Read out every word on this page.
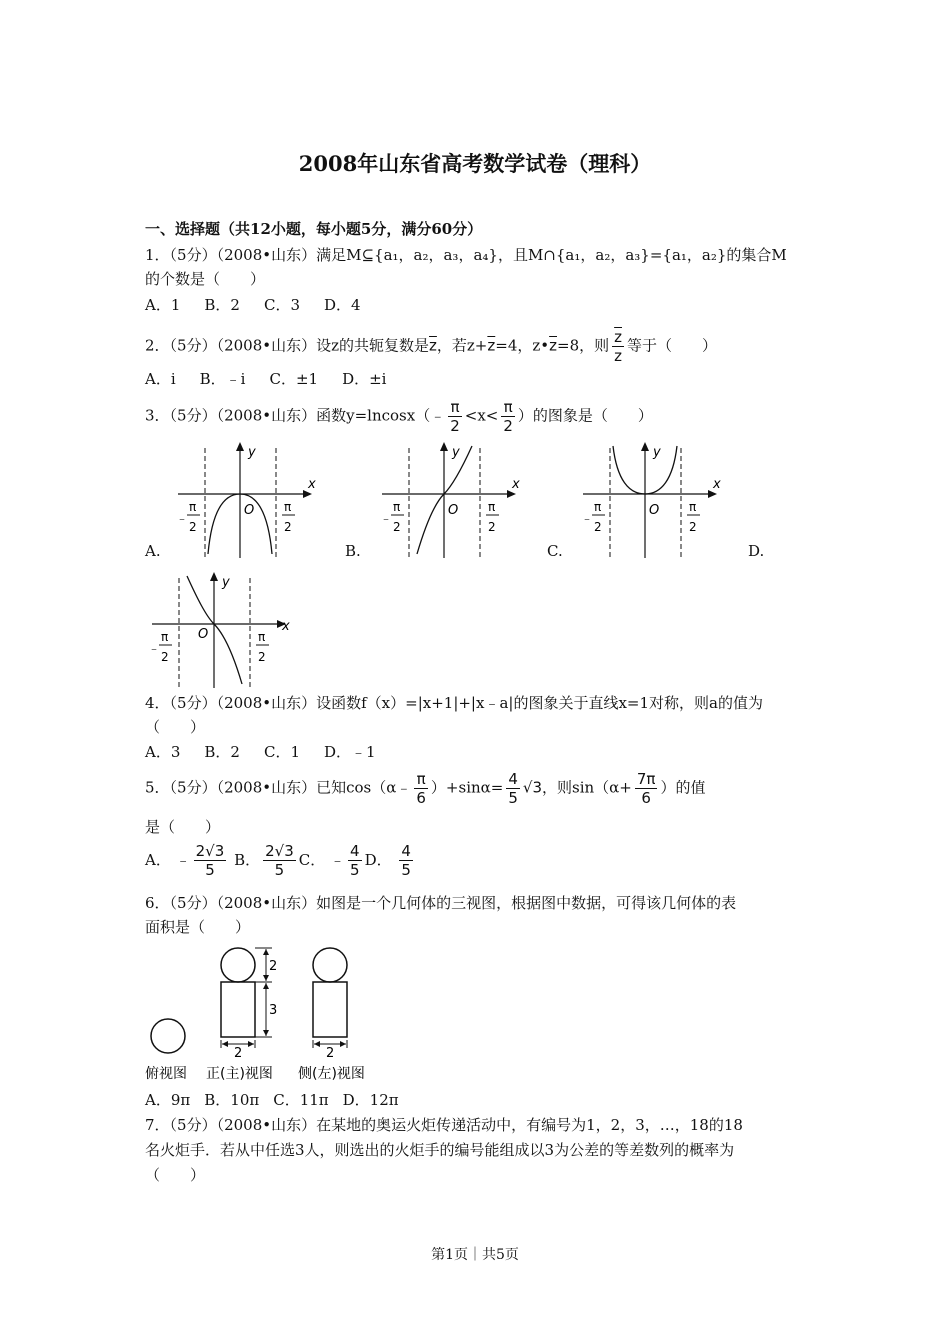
2008年山东省高考数学试卷（理科）
一、选择题（共12小题，每小题5分，满分60分）
1．（5分）（2008•山东）满足M⊆{a₁，a₂，a₃，a₄}，且M∩{a₁，a₂，a₃}={a₁，a₂}的集合M
的个数是（　　）
A．1 B．2 C．3 D．4
2．（5分）（2008•山东）设z的共轭复数是$\overline{z}$，若$z+\overline{z}=4$，$z•\overline{z}=8$，则 $\frac{\overline{z}}{z}$ 等于（　　）
A．i B．﹣i C．±1 D．±i
3．（5分）（2008•山东）函数y=lncosx（﹣ $\frac{\pi}{2} <x< \frac{\pi}{2}$ ）的图象是（　　）
A.	B.	C.	D.
y
x
O
﹣
π
2
π
2
y
x
O
﹣
π
2
π
2
y
x
O
﹣
π
2
π
2
y
x
O
﹣
π
2
π
2
4．（5分）（2008•山东）设函数f（x）=|x+1|+|x﹣a|的图象关于直线x=1对称，则a的值为
（　　）
A．3 B．2 C．1 D．﹣1
5．（5分）（2008•山东）已知cos（α﹣ $\frac{\pi}{6} )+\sin\alpha= \frac{4}{5} √3$，则$\sin(\alpha+ \frac{7\pi}{6}$ ）的值
是（　　）
A． ﹣ $\frac{2√3}{5}$ B． $\frac{2√3}{5}$ C． ﹣ $\frac{4}{5}$ D． $\frac{4}{5}$
6．（5分）（2008•山东）如图是一个几何体的三视图，根据图中数据，可得该几何体的表
面积是（　　）
2
3
2	2
俯视图 正(主)视图 侧(左)视图
A．9π B．10π C．11π D．12π
7．（5分）（2008•山东）在某地的奥运火炬传递活动中，有编号为1，2，3，…，18的18
名火炬手．若从中任选3人，则选出的火炬手的编号能组成以3为公差的等差数列的概率为
（　　）
第1页｜共5页
